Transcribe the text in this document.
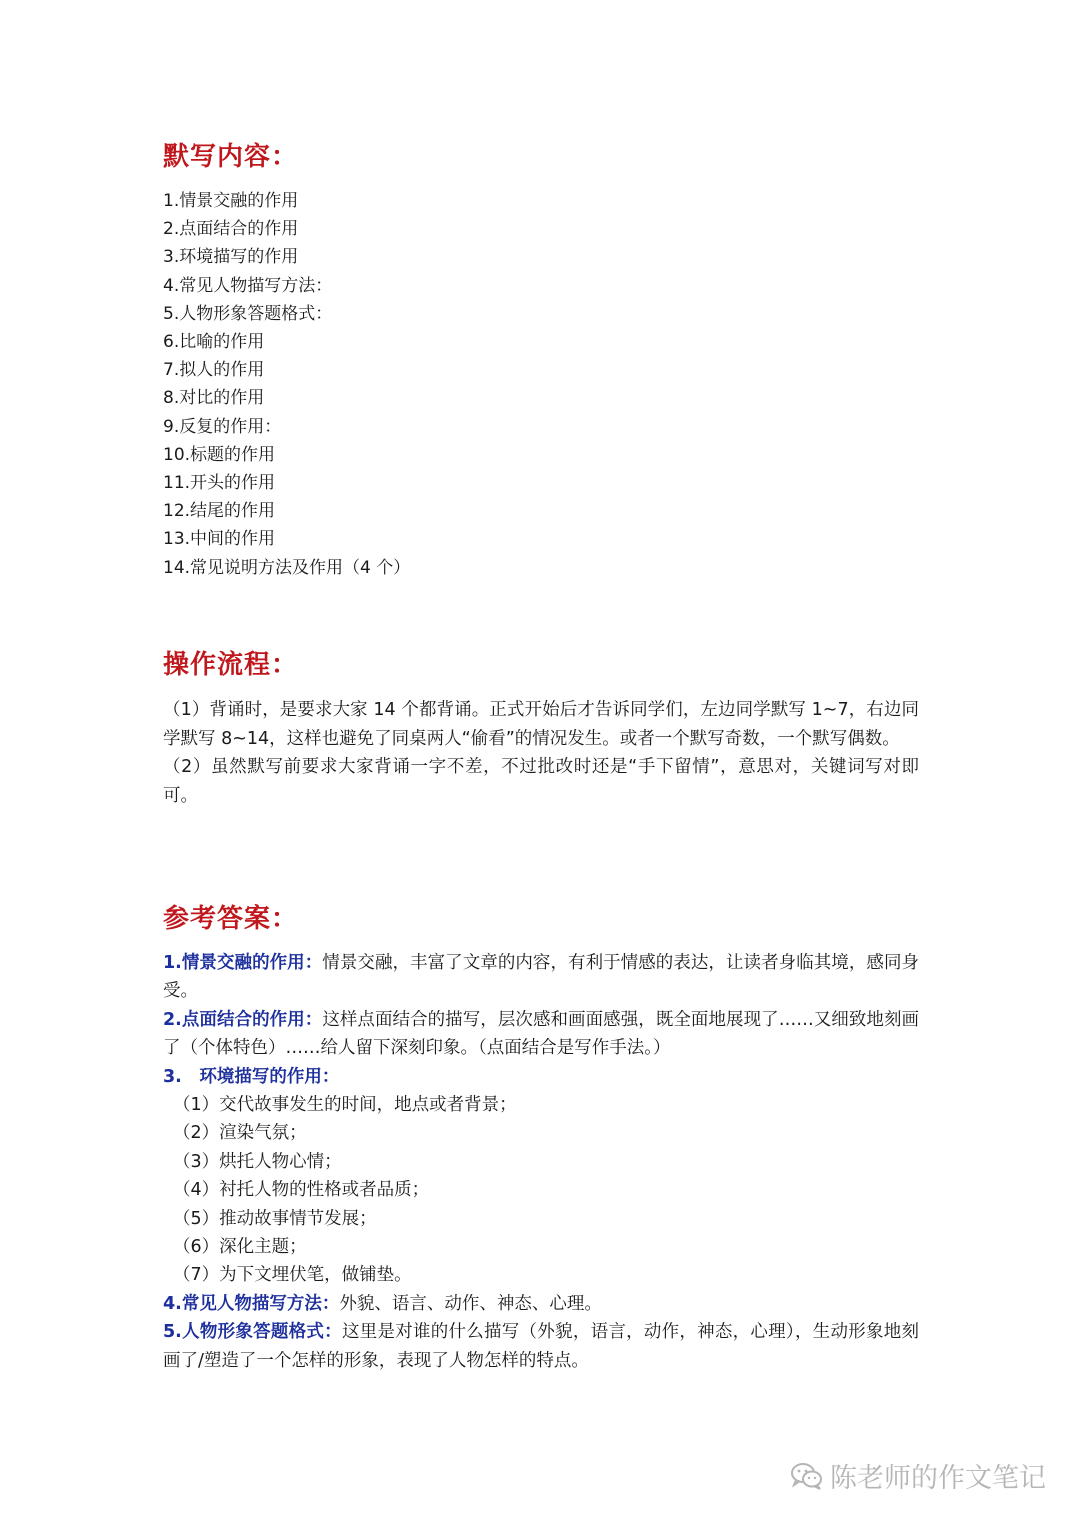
默写内容：
1.情景交融的作用
2.点面结合的作用
3.环境描写的作用
4.常见人物描写方法：
5.人物形象答题格式：
6.比喻的作用
7.拟人的作用
8.对比的作用
9.反复的作用：
10.标题的作用
11.开头的作用
12.结尾的作用
13.中间的作用
14.常见说明方法及作用（4 个）
操作流程：

（1）背诵时，是要求大家 14 个都背诵。正式开始后才告诉同学们，左边同学默写 1~7，右边同学默写 8~14，这样也避免了同桌两人“偷看”的情况发生。或者一个默写奇数，一个默写偶数。

（2）虽然默写前要求大家背诵一字不差，不过批改时还是“手下留情”，意思对，关键词写对即可。

参考答案：

1.情景交融的作用：情景交融，丰富了文章的内容，有利于情感的表达，让读者身临其境，感同身受。

2.点面结合的作用：这样点面结合的描写，层次感和画面感强，既全面地展现了……又细致地刻画了（个体特色）……给人留下深刻印象。（点面结合是写作手法。）

3.　环境描写的作用：

（1）交代故事发生的时间，地点或者背景；
（2）渲染气氛；
（3）烘托人物心情；
（4）衬托人物的性格或者品质；
（5）推动故事情节发展；
（6）深化主题；
（7）为下文埋伏笔，做铺垫。

4.常见人物描写方法：外貌、语言、动作、神态、心理。

5.人物形象答题格式：这里是对谁的什么描写（外貌，语言，动作，神态，心理），生动形象地刻画了/塑造了一个怎样的形象，表现了人物怎样的特点。

陈老师的作文笔记
